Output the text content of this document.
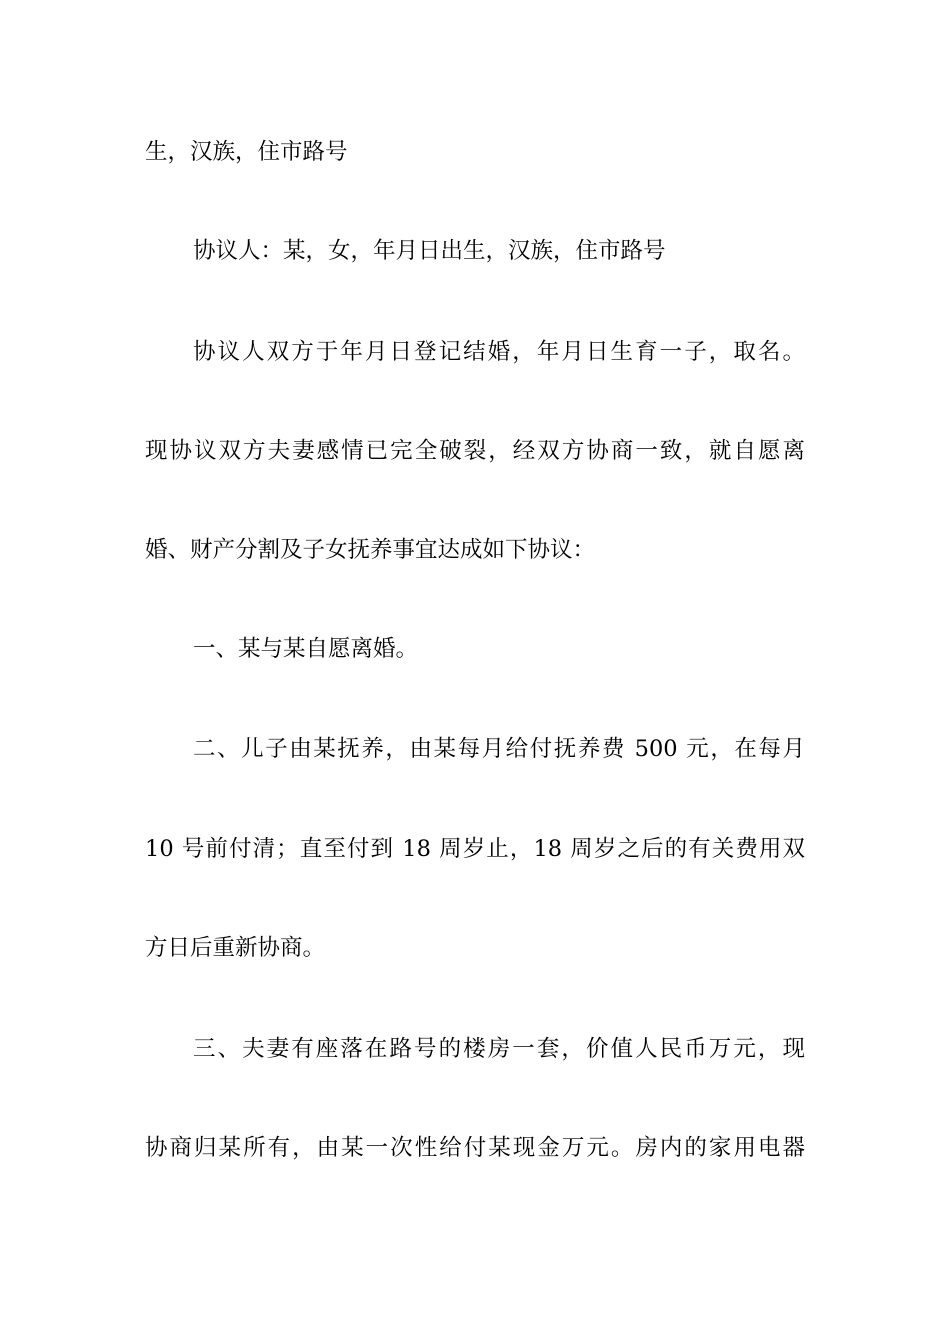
生，汉族，住市路号
协议人：某，女，年月日出生，汉族，住市路号
协议人双方于年月日登记结婚，年月日生育一子，取名。
现协议双方夫妻感情已完全破裂，经双方协商一致，就自愿离
婚、财产分割及子女抚养事宜达成如下协议：
一、某与某自愿离婚。
二、儿子由某抚养，由某每月给付抚养费 500 元，在每月
10 号前付清；直至付到 18 周岁止，18 周岁之后的有关费用双
方日后重新协商。
三、夫妻有座落在路号的楼房一套，价值人民币万元，现
协商归某所有，由某一次性给付某现金万元。房内的家用电器
